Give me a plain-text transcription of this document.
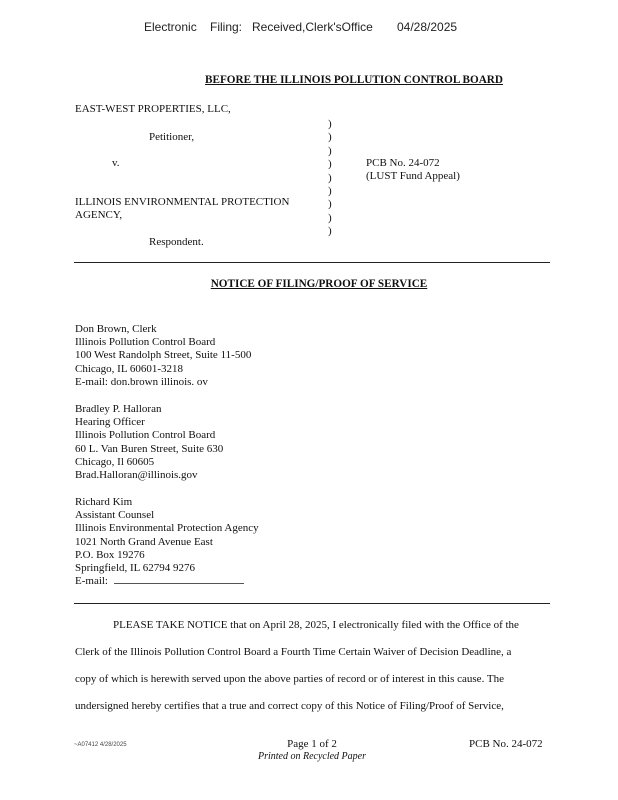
Electronic Filing: Received,Clerk'sOffice 04/28/2025
BEFORE THE ILLINOIS POLLUTION CONTROL BOARD
EAST-WEST PROPERTIES, LLC,
Petitioner,
v.
ILLINOIS ENVIRONMENTAL PROTECTION
AGENCY,
Respondent.
)
)
)
)
)
)
)
)
)
PCB No. 24-072
(LUST Fund Appeal)
NOTICE OF FILING/PROOF OF SERVICE
Don Brown, Clerk
Illinois Pollution Control Board
100 West Randolph Street, Suite 11-500
Chicago, IL 60601-3218
E-mail: don.brown illinois. ov
Bradley P. Halloran
Hearing Officer
Illinois Pollution Control Board
60 L. Van Buren Street, Suite 630
Chicago, Il 60605
Brad.Halloran@illinois.gov
Richard Kim
Assistant Counsel
Illinois Environmental Protection Agency
1021 North Grand Avenue East
P.O. Box 19276
Springfield, IL 62794 9276
E-mail:
PLEASE TAKE NOTICE that on April 28, 2025, I electronically filed with the Office of the
Clerk of the Illinois Pollution Control Board a Fourth Time Certain Waiver of Decision Deadline, a
copy of which is herewith served upon the above parties of record or of interest in this cause. The
undersigned hereby certifies that a true and correct copy of this Notice of Filing/Proof of Service,
~A07412 4/28/2025	Page 1 of 2
Printed on Recycled Paper
PCB No. 24-072
